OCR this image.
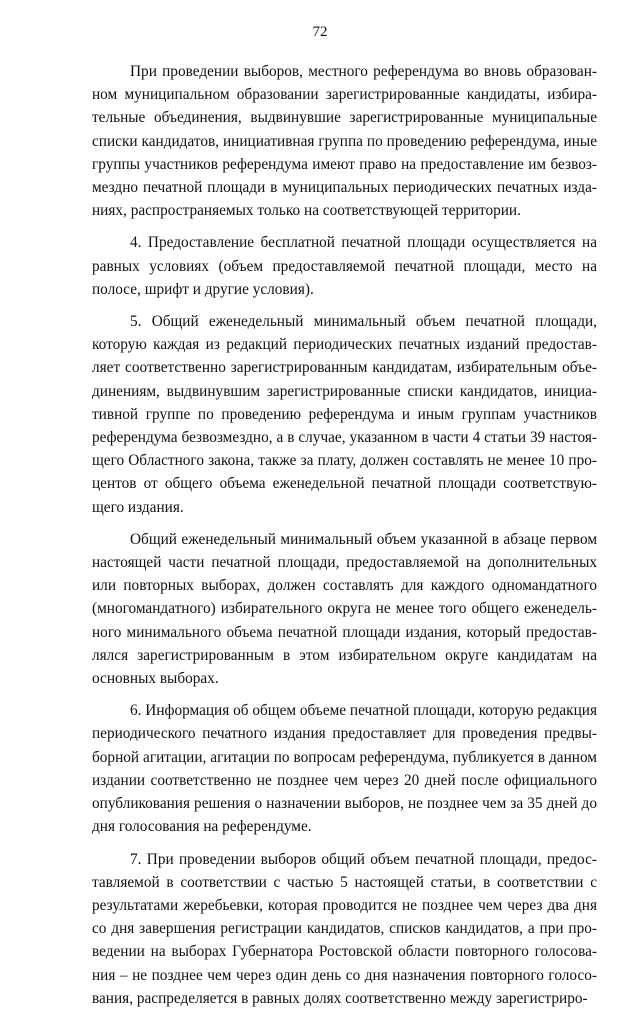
72

При проведении выборов, местного референдума во вновь образованном муниципальном образовании зарегистрированные кандидаты, избирательные объединения, выдвинувшие зарегистрированные муниципальные списки кандидатов, инициативная группа по проведению референдума, иные группы участников референдума имеют право на предоставление им безвозмездно печатной площади в муниципальных периодических печатных изданиях, распространяемых только на соответствующей территории.

4. Предоставление бесплатной печатной площади осуществляется на равных условиях (объем предоставляемой печатной площади, место на полосе, шрифт и другие условия).

5. Общий еженедельный минимальный объем печатной площади, которую каждая из редакций периодических печатных изданий предоставляет соответственно зарегистрированным кандидатам, избирательным объединениям, выдвинувшим зарегистрированные списки кандидатов, инициативной группе по проведению референдума и иным группам участников референдума безвозмездно, а в случае, указанном в части 4 статьи 39 настоящего Областного закона, также за плату, должен составлять не менее 10 процентов от общего объема еженедельной печатной площади соответствующего издания.

Общий еженедельный минимальный объем указанной в абзаце первом настоящей части печатной площади, предоставляемой на дополнительных или повторных выборах, должен составлять для каждого одномандатного (многомандатного) избирательного округа не менее того общего еженедельного минимального объема печатной площади издания, который предоставлялся зарегистрированным в этом избирательном округе кандидатам на основных выборах.

6. Информация об общем объеме печатной площади, которую редакция периодического печатного издания предоставляет для проведения предвыборной агитации, агитации по вопросам референдума, публикуется в данном издании соответственно не позднее чем через 20 дней после официального опубликования решения о назначении выборов, не позднее чем за 35 дней до дня голосования на референдуме.

7. При проведении выборов общий объем печатной площади, предоставляемой в соответствии с частью 5 настоящей статьи, в соответствии с результатами жеребьевки, которая проводится не позднее чем через два дня со дня завершения регистрации кандидатов, списков кандидатов, а при проведении на выборах Губернатора Ростовской области повторного голосования – не позднее чем через один день со дня назначения повторного голосования, распределяется в равных долях соответственно между зарегистриро-
